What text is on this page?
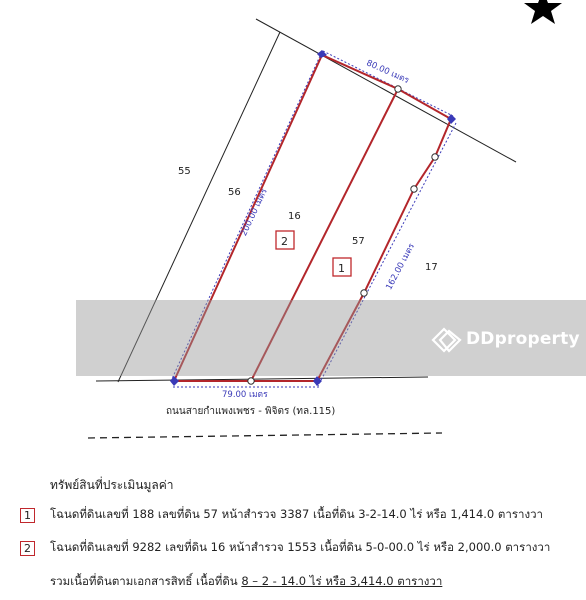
55
56
16
57
17
80.00 เมตร
200.00 เมตร
162.00 เมตร
79.00 เมตร
2
1
ถนนสายกำแพงเพชร - พิจิตร (ทล.115)
DDproperty
ทรัพย์สินที่ประเมินมูลค่า
1	โฉนดที่ดินเลขที่ 188 เลขที่ดิน 57 หน้าสำรวจ 3387 เนื้อที่ดิน 3-2-14.0 ไร่ หรือ 1,414.0 ตารางวา
2	โฉนดที่ดินเลขที่ 9282 เลขที่ดิน 16 หน้าสำรวจ 1553 เนื้อที่ดิน 5-0-00.0 ไร่ หรือ 2,000.0 ตารางวา
รวมเนื้อที่ดินตามเอกสารสิทธิ์ เนื้อที่ดิน 8 – 2 - 14.0 ไร่ หรือ 3,414.0 ตารางวา
